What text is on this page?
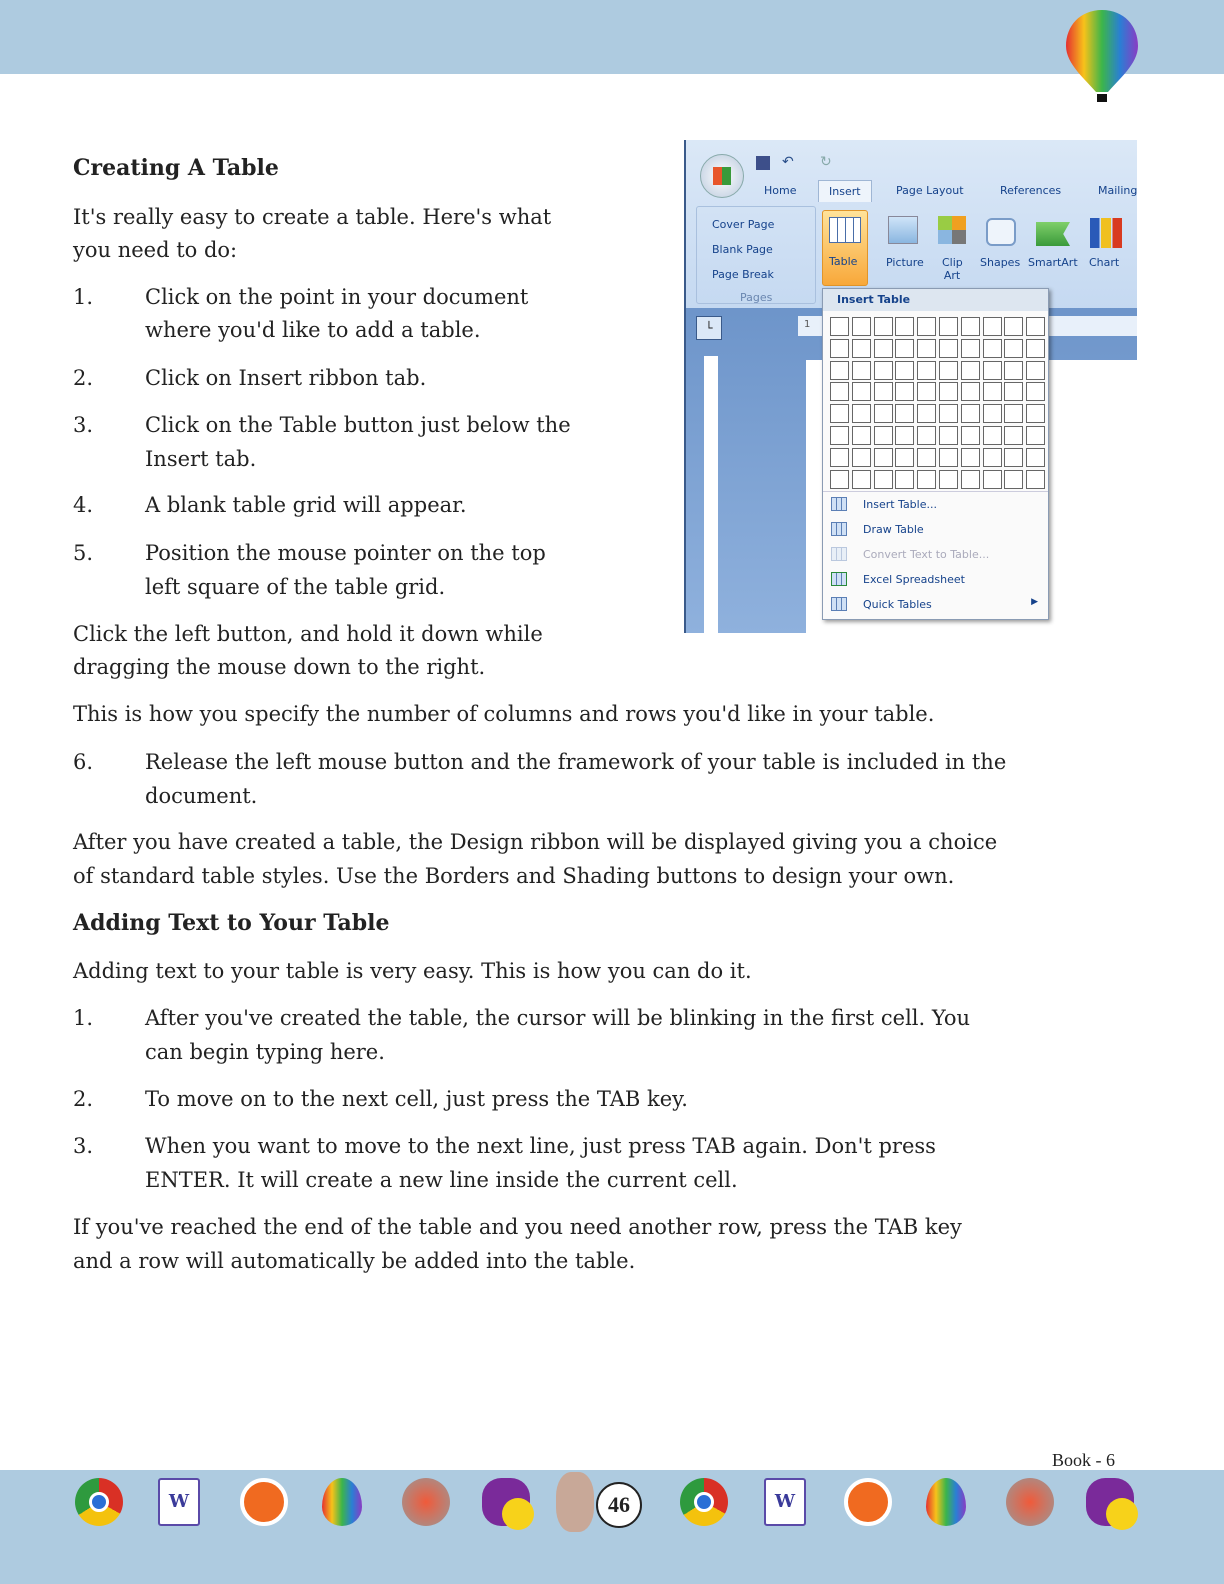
Creating A Table
It's really easy to create a table. Here's what
you need to do:
1. Click on the point in your document
where you'd like to add a table.
2. Click on Insert ribbon tab.
3. Click on the Table button just below the
Insert tab.
4. A blank table grid will appear.
5. Position the mouse pointer on the top
left square of the table grid.
Click the left button, and hold it down while
dragging the mouse down to the right.
This is how you specify the number of columns and rows you'd like in your table.
6. Release the left mouse button and the framework of your table is included in the
document.
After you have created a table, the Design ribbon will be displayed giving you a choice
of standard table styles. Use the Borders and Shading buttons to design your own.
Adding Text to Your Table
Adding text to your table is very easy. This is how you can do it.
1. After you've created the table, the cursor will be blinking in the first cell. You
can begin typing here.
2. To move on to the next cell, just press the TAB key.
3. When you want to move to the next line, just press TAB again. Don't press
ENTER. It will create a new line inside the current cell.
If you've reached the end of the table and you need another row, press the TAB key
and a row will automatically be added into the table.
↶ ↻
Home	Insert	Page Layout	References	Mailing
Cover Page
Blank Page
Page Break
Pages
Table	Picture Clip Art
Shapes SmartArt Chart
└	1
Insert Table
Insert Table...
Draw Table
Convert Text to Table...
Excel Spreadsheet
Quick Tables	▶
Book - 6
W	W
46
